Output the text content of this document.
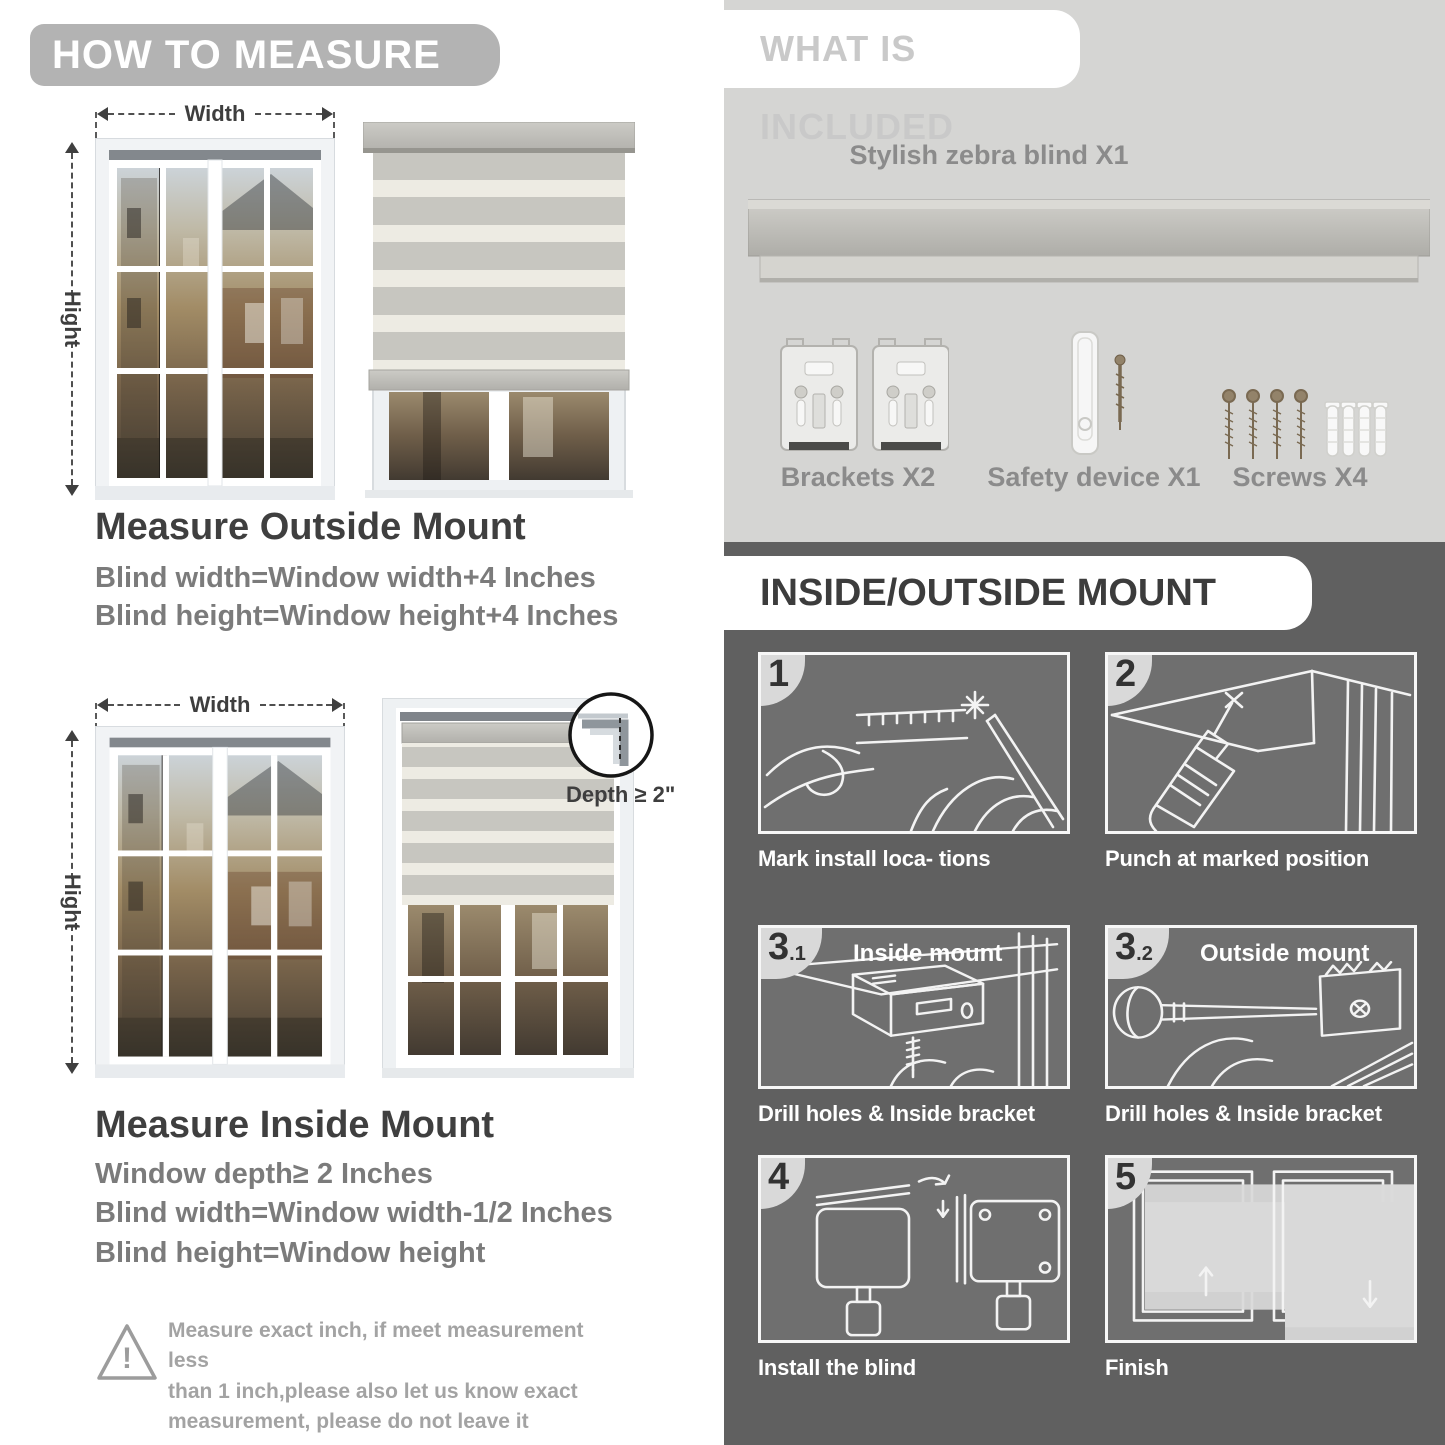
HOW TO MEASURE
Width
Hight
Measure Outside Mount
Blind width=Window width+4 Inches
Blind height=Window height+4 Inches
Width
Hight
Depth ≥ 2"
Measure Inside Mount
Window depth≥ 2 Inches
Blind width=Window width-1/2 Inches
Blind height=Window height
!
Measure exact inch, if meet measurement less
than 1 inch,please also let us know exact
measurement, please do not leave it
WHAT IS INCLUDED
Stylish zebra blind X1
Brackets X2	Safety device X1	Screws X4
INSIDE/OUTSIDE MOUNT
1
Mark install loca- tions
2
Punch at marked position
3 .1 Inside mount
Drill holes & Inside bracket
3 .2 Outside mount
Drill holes & Inside bracket
4
Install the blind
5
Finish
